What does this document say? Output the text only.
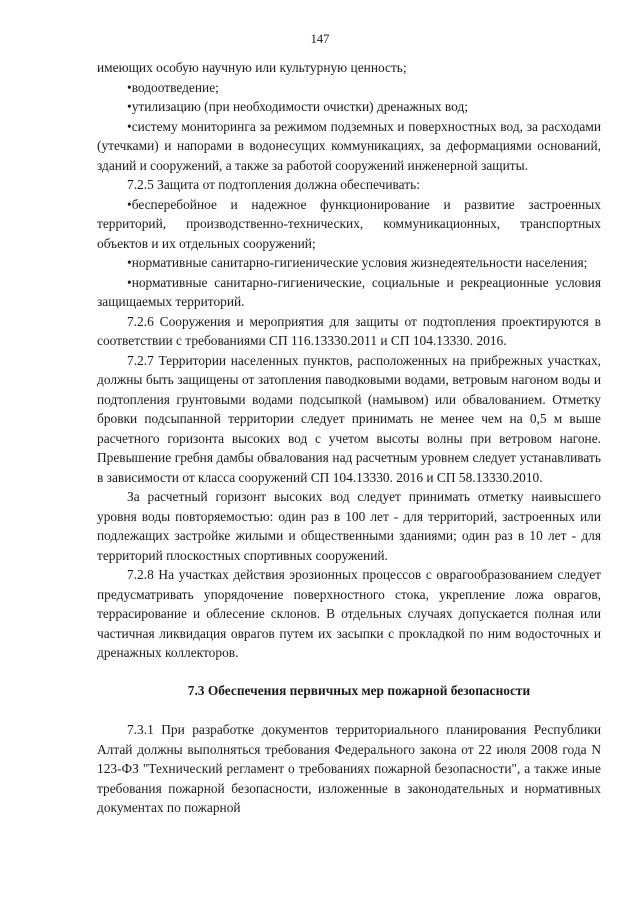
147

имеющих особую научную или культурную ценность;

•водоотведение;

•утилизацию (при необходимости очистки) дренажных вод;

•систему мониторинга за режимом подземных и поверхностных вод, за расходами (утечками) и напорами в водонесущих коммуникациях, за деформациями оснований, зданий и сооружений, а также за работой сооружений инженерной защиты.

7.2.5 Защита от подтопления должна обеспечивать:

•бесперебойное и надежное функционирование и развитие застроенных территорий, производственно-технических, коммуникационных, транспортных объектов и их отдельных сооружений;

•нормативные санитарно-гигиенические условия жизнедеятельности населения;

•нормативные санитарно-гигиенические, социальные и рекреационные условия защищаемых территорий.

7.2.6 Сооружения и мероприятия для защиты от подтопления проектируются в соответствии с требованиями СП 116.13330.2011 и СП 104.13330. 2016.

7.2.7 Территории населенных пунктов, расположенных на прибрежных участках, должны быть защищены от затопления паводковыми водами, ветровым нагоном воды и подтопления грунтовыми водами подсыпкой (намывом) или обвалованием. Отметку бровки подсыпанной территории следует принимать не менее чем на 0,5 м выше расчетного горизонта высоких вод с учетом высоты волны при ветровом нагоне. Превышение гребня дамбы обвалования над расчетным уровнем следует устанавливать в зависимости от класса сооружений СП 104.13330. 2016 и СП 58.13330.2010.

За расчетный горизонт высоких вод следует принимать отметку наивысшего уровня воды повторяемостью: один раз в 100 лет - для территорий, застроенных или подлежащих застройке жилыми и общественными зданиями; один раз в 10 лет - для территорий плоскостных спортивных сооружений.

7.2.8 На участках действия эрозионных процессов с оврагообразованием следует предусматривать упорядочение поверхностного стока, укрепление ложа оврагов, террасирование и облесение склонов. В отдельных случаях допускается полная или частичная ликвидация оврагов путем их засыпки с прокладкой по ним водосточных и дренажных коллекторов.

7.3 Обеспечения первичных мер пожарной безопасности

7.3.1 При разработке документов территориального планирования Республики Алтай должны выполняться требования Федерального закона от 22 июля 2008 года N 123-ФЗ "Технический регламент о требованиях пожарной безопасности", а также иные требования пожарной безопасности, изложенные в законодательных и нормативных документах по пожарной
